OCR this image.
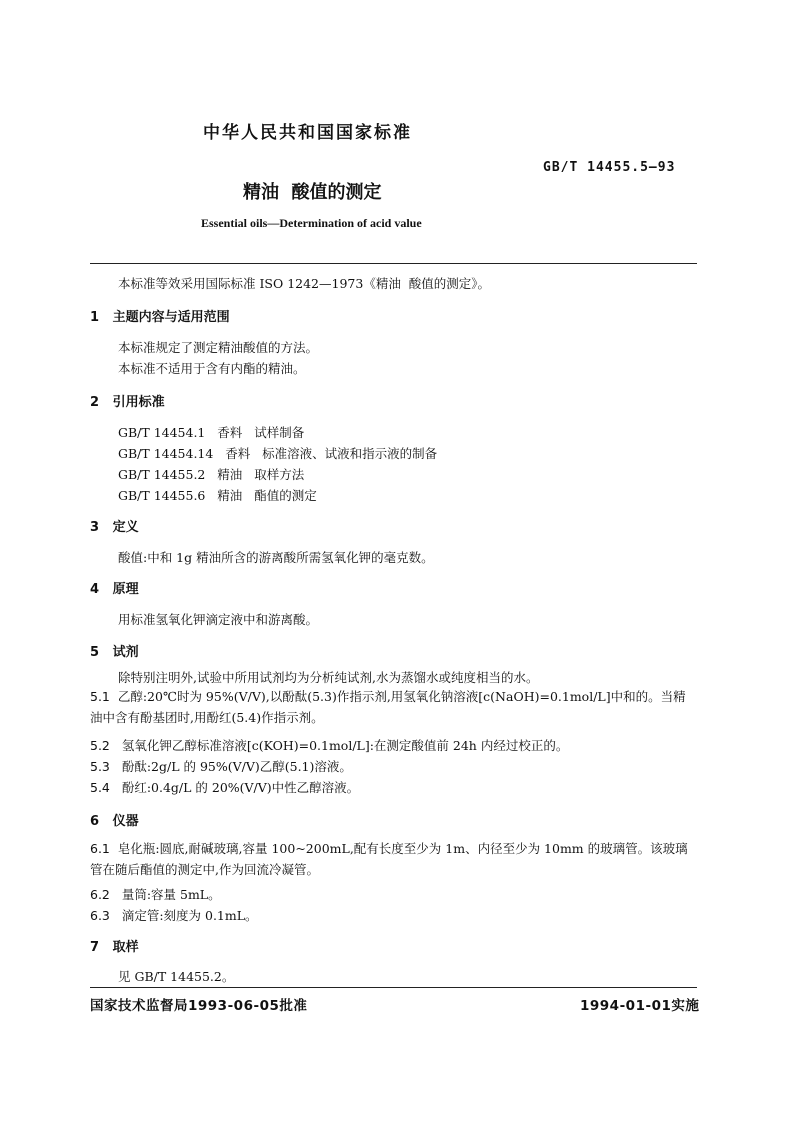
中华人民共和国国家标准
GB/T 14455.5—93
精油  酸值的测定
Essential oils—Determination of acid value
本标准等效采用国际标准 ISO 1242—1973《精油  酸值的测定》。
1 主题内容与适用范围
本标准规定了测定精油酸值的方法。
本标准不适用于含有内酯的精油。
2 引用标准
GB/T 14454.1   香料   试样制备
GB/T 14454.14   香料   标准溶液、试液和指示液的制备
GB/T 14455.2   精油   取样方法
GB/T 14455.6   精油   酯值的测定
3 定义
酸值:中和 1g 精油所含的游离酸所需氢氧化钾的毫克数。
4 原理
用标准氢氧化钾滴定液中和游离酸。
5 试剂
除特别注明外,试验中所用试剂均为分析纯试剂,水为蒸馏水或纯度相当的水。
5.1 乙醇:20℃时为 95%(V/V),以酚酞(5.3)作指示剂,用氢氧化钠溶液[c(NaOH)=0.1mol/L]中和的。当精油中含有酚基团时,用酚红(5.4)作指示剂。
5.2 氢氧化钾乙醇标准溶液[c(KOH)=0.1mol/L]:在测定酸值前 24h 内经过校正的。
5.3 酚酞:2g/L 的 95%(V/V)乙醇(5.1)溶液。
5.4 酚红:0.4g/L 的 20%(V/V)中性乙醇溶液。
6 仪器
6.1 皂化瓶:圆底,耐碱玻璃,容量 100~200mL,配有长度至少为 1m、内径至少为 10mm 的玻璃管。该玻璃管在随后酯值的测定中,作为回流冷凝管。
6.2 量筒:容量 5mL。
6.3 滴定管:刻度为 0.1mL。
7 取样
见 GB/T 14455.2。
国家技术监督局1993-06-05批准	1994-01-01实施
